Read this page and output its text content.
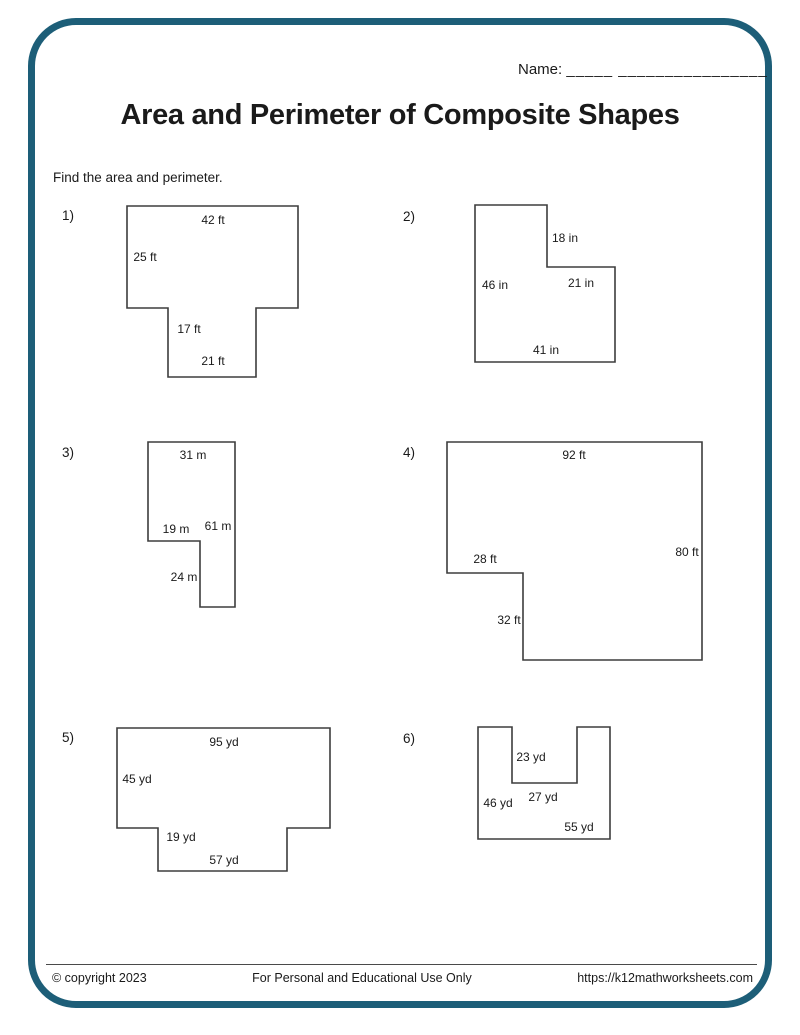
Name: _____ ________________
Area and Perimeter of Composite Shapes
Find the area and perimeter.
1)	42 ft
25 ft
17 ft
21 ft
2)
18 in
46 in	21 in
41 in
3)	31 m
19 m 61 m
24 m
4)	92 ft
28 ft	80 ft
32 ft
5)	95 yd
45 yd
19 yd
57 yd
6)
23 yd
46 yd 27 yd
55 yd
© copyright 2023	For Personal and Educational Use Only	https://k12mathworksheets.com
